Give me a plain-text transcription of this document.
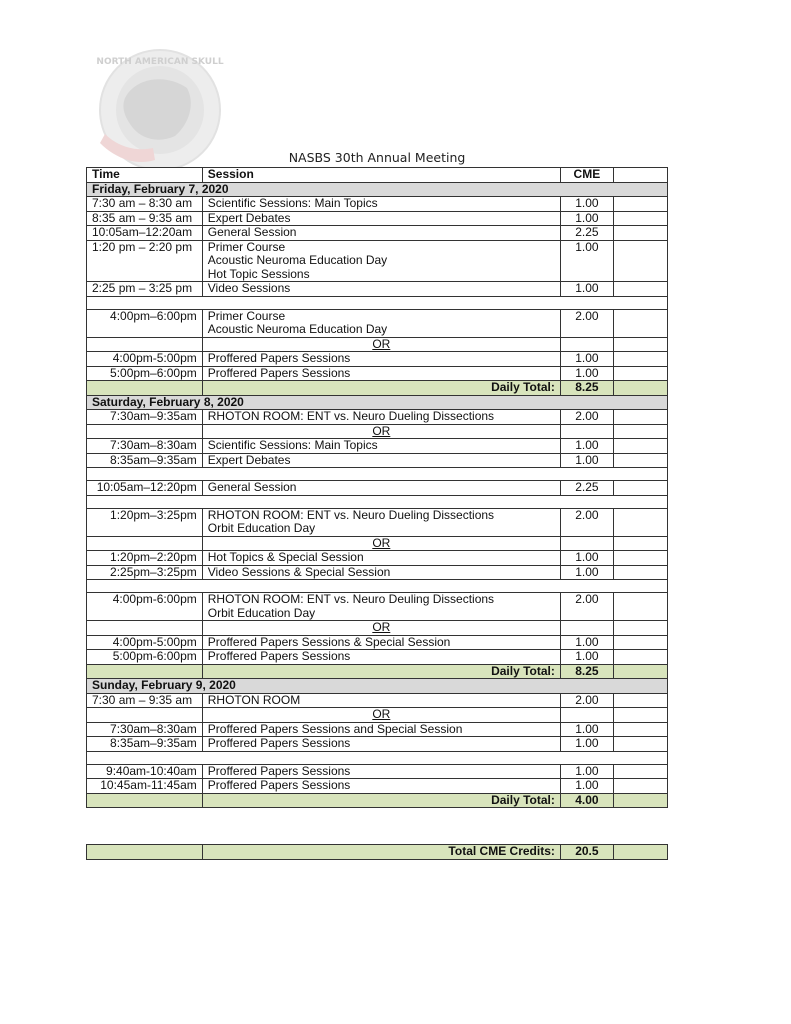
NORTH AMERICAN SKULL
NASBS 30th Annual Meeting
Time	Session	CME	
Friday, February 7, 2020			
7:30 am – 8:30 am	Scientific Sessions: Main Topics	1.00	
8:35 am – 9:35 am	Expert Debates	1.00	
10:05am–12:20am	General Session	2.25	
1:20 pm – 2:20 pm	Primer Course
Acoustic Neuroma Education Day
Hot Topic Sessions	1.00	
2:25 pm – 3:25 pm	Video Sessions	1.00	

4:00pm–6:00pm	Primer Course
Acoustic Neuroma Education Day	2.00	
	OR		
4:00pm-5:00pm	Proffered Papers Sessions	1.00	
5:00pm–6:00pm	Proffered Papers Sessions	1.00	
	Daily Total:	8.25	
Saturday, February 8, 2020			
7:30am–9:35am	RHOTON ROOM: ENT vs. Neuro Dueling Dissections	2.00	
	OR		
7:30am–8:30am	Scientific Sessions: Main Topics	1.00	
8:35am–9:35am	Expert Debates	1.00	

10:05am–12:20pm	General Session	2.25	

1:20pm–3:25pm	RHOTON ROOM: ENT vs. Neuro Dueling Dissections
Orbit Education Day	2.00	
	OR		
1:20pm–2:20pm	Hot Topics & Special Session	1.00	
2:25pm–3:25pm	Video Sessions & Special Session	1.00	

4:00pm-6:00pm	RHOTON ROOM: ENT vs. Neuro Deuling Dissections
Orbit Education Day	2.00	
	OR		
4:00pm-5:00pm	Proffered Papers Sessions & Special Session	1.00	
5:00pm-6:00pm	Proffered Papers Sessions	1.00	
	Daily Total:	8.25	
Sunday, February 9, 2020			
7:30 am – 9:35 am	RHOTON ROOM	2.00	
	OR		
7:30am–8:30am	Proffered Papers Sessions and Special Session	1.00	
8:35am–9:35am	Proffered Papers Sessions	1.00	

9:40am-10:40am	Proffered Papers Sessions	1.00	
10:45am-11:45am	Proffered Papers Sessions	1.00	
	Daily Total:	4.00	
	Total CME Credits:	20.5	
